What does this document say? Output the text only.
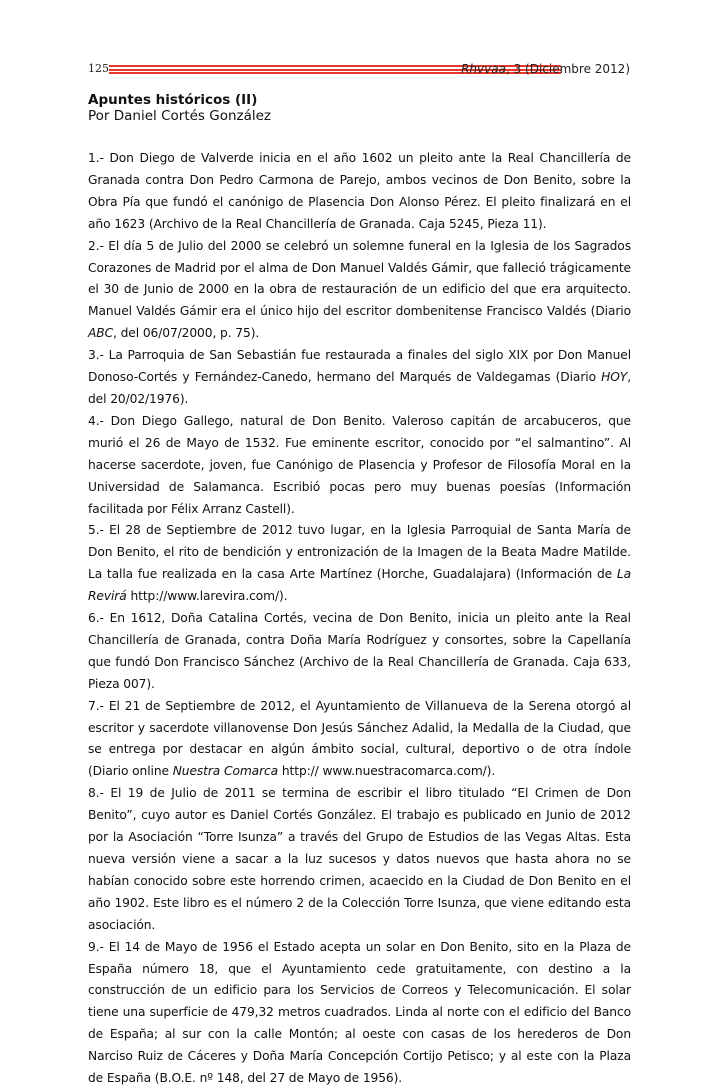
125	Rhvvaa, 3 (Diciembre 2012)
Apuntes históricos (II)
Por Daniel Cortés González

1.- Don Diego de Valverde inicia en el año 1602 un pleito ante la Real Chancillería de Granada contra Don Pedro Carmona de Parejo, ambos vecinos de Don Benito, sobre la Obra Pía que fundó el canónigo de Plasencia Don Alonso Pérez. El pleito finalizará en el año 1623 (Archivo de la Real Chancillería de Granada. Caja 5245, Pieza 11).

2.- El día 5 de Julio del 2000 se celebró un solemne funeral en la Iglesia de los Sagrados Corazones de Madrid por el alma de Don Manuel Valdés Gámir, que falleció trágicamente el 30 de Junio de 2000 en la obra de restauración de un edificio del que era arquitecto. Manuel Valdés Gámir era el único hijo del escritor dombenitense Francisco Valdés (Diario ABC, del 06/07/2000, p. 75).

3.- La Parroquia de San Sebastián fue restaurada a finales del siglo XIX por Don Manuel Donoso-Cortés y Fernández-Canedo, hermano del Marqués de Valdegamas (Diario HOY, del 20/02/1976).

4.- Don Diego Gallego, natural de Don Benito. Valeroso capitán de arcabuceros, que murió el 26 de Mayo de 1532. Fue eminente escritor, conocido por “el salmantino”. Al hacerse sacerdote, joven, fue Canónigo de Plasencia y Profesor de Filosofía Moral en la Universidad de Salamanca. Escribió pocas pero muy buenas poesías (Información facilitada por Félix Arranz Castell).

5.- El 28 de Septiembre de 2012 tuvo lugar, en la Iglesia Parroquial de Santa María de Don Benito, el rito de bendición y entronización de la Imagen de la Beata Madre Matilde. La talla fue realizada en la casa Arte Martínez (Horche, Guadalajara) (Información de La Revirá http://www.larevira.com/).

6.- En 1612, Doña Catalina Cortés, vecina de Don Benito, inicia un pleito ante la Real Chancillería de Granada, contra Doña María Rodríguez y consortes, sobre la Capellanía que fundó Don Francisco Sánchez (Archivo de la Real Chancillería de Granada. Caja 633, Pieza 007).

7.- El 21 de Septiembre de 2012, el Ayuntamiento de Villanueva de la Serena otorgó al escritor y sacerdote villanovense Don Jesús Sánchez Adalid, la Medalla de la Ciudad, que se entrega por destacar en algún ámbito social, cultural, deportivo o de otra índole (Diario online Nuestra Comarca http:// www.nuestracomarca.com/).

8.- El 19 de Julio de 2011 se termina de escribir el libro titulado “El Crimen de Don Benito”, cuyo autor es Daniel Cortés González. El trabajo es publicado en Junio de 2012 por la Asociación “Torre Isunza” a través del Grupo de Estudios de las Vegas Altas. Esta nueva versión viene a sacar a la luz sucesos y datos nuevos que hasta ahora no se habían conocido sobre este horrendo crimen, acaecido en la Ciudad de Don Benito en el año 1902. Este libro es el número 2 de la Colección Torre Isunza, que viene editando esta asociación.

9.- El 14 de Mayo de 1956 el Estado acepta un solar en Don Benito, sito en la Plaza de España número 18, que el Ayuntamiento cede gratuitamente, con destino a la construcción de un edificio para los Servicios de Correos y Telecomunicación. El solar tiene una superficie de 479,32 metros cuadrados. Linda al norte con el edificio del Banco de España; al sur con la calle Montón; al oeste con casas de los herederos de Don Narciso Ruiz de Cáceres y Doña María Concepción Cortijo Petisco; y al este con la Plaza de España (B.O.E. nº 148, del 27 de Mayo de 1956).
